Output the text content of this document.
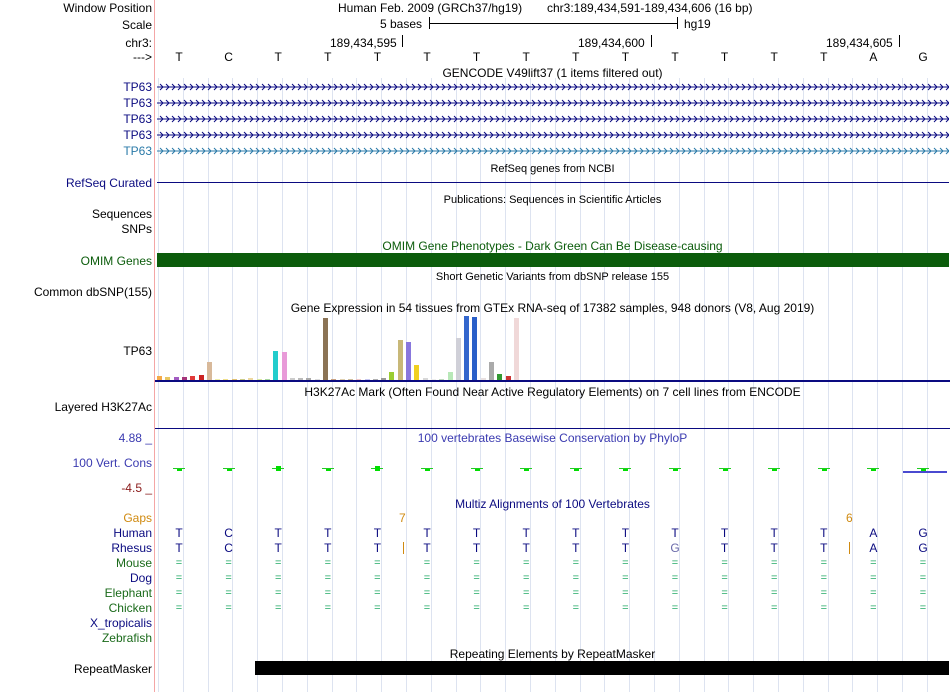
Window Position	Human Feb. 2009 (GRCh37/hg19) chr3:189,434,591-189,434,606 (16 bp)
Scale	5 bases	hg19
chr3:	189,434,595	189,434,600	189,434,605
---> T	C	T	T	T	T	T	T	T	T	T	T	T	T	A	G
GENCODE V49lift37 (1 items filtered out)
TP63
TP63
TP63
TP63
TP63
RefSeq genes from NCBI
RefSeq Curated
Publications: Sequences in Scientific Articles
Sequences
SNPs
OMIM Gene Phenotypes - Dark Green Can Be Disease-causing
OMIM Genes
Short Genetic Variants from dbSNP release 155
Common dbSNP(155)
Gene Expression in 54 tissues from GTEx RNA-seq of 17382 samples, 948 donors (V8, Aug 2019)
TP63
H3K27Ac Mark (Often Found Near Active Regulatory Elements) on 7 cell lines from ENCODE
Layered H3K27Ac
4.88 _	100 vertebrates Basewise Conservation by PhyloP
100 Vert. Cons
-4.5 _
Multiz Alignments of 100 Vertebrates
Gaps	7	6
Human T	C	T	T	T	T	T	T	T	T	T	T	T	T	A	G
Rhesus T	C	T	T	T	T	T	T	T	T	G	T	T	T	A	G
Mouse	=	=	=	=	=	=	=	=	=	=	=	=	=	=	=	=
Dog	=	=	=	=	=	=	=	=	=	=	=	=	=	=	=	=
Elephant	=	=	=	=	=	=	=	=	=	=	=	=	=	=	=	=
Chicken	=	=	=	=	=	=	=	=	=	=	=	=	=	=	=	=
X_tropicalis
Zebrafish
Repeating Elements by RepeatMasker
RepeatMasker
